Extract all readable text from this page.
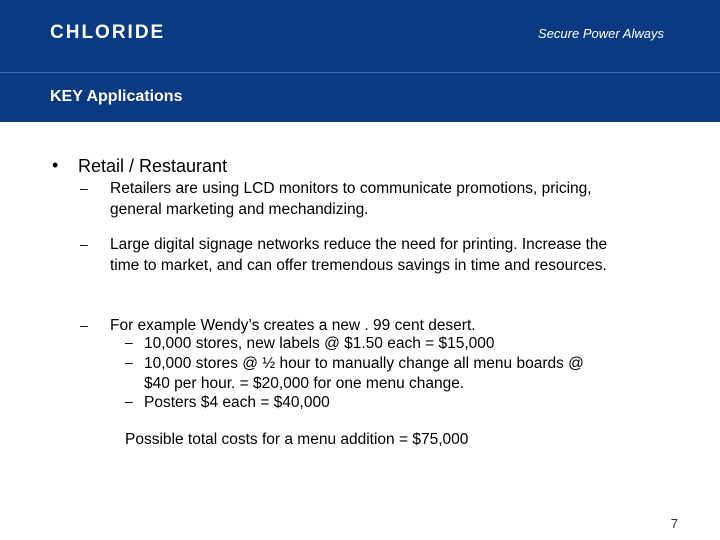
CHLORIDE	Secure Power Always
KEY Applications
• Retail / Restaurant
–	Retailers are using LCD monitors to communicate promotions, pricing, general marketing and mechandizing.
–	Large digital signage networks reduce the need for printing. Increase the time to market, and can offer tremendous savings in time and resources.
–	For example Wendy’s creates a new . 99 cent desert.
– 10,000 stores, new labels @ $1.50 each = $15,000
– 10,000 stores @ ½ hour to manually change all menu boards @ $40 per hour. = $20,000 for one menu change.
– Posters $4 each = $40,000
Possible total costs for a menu addition = $75,000
7
